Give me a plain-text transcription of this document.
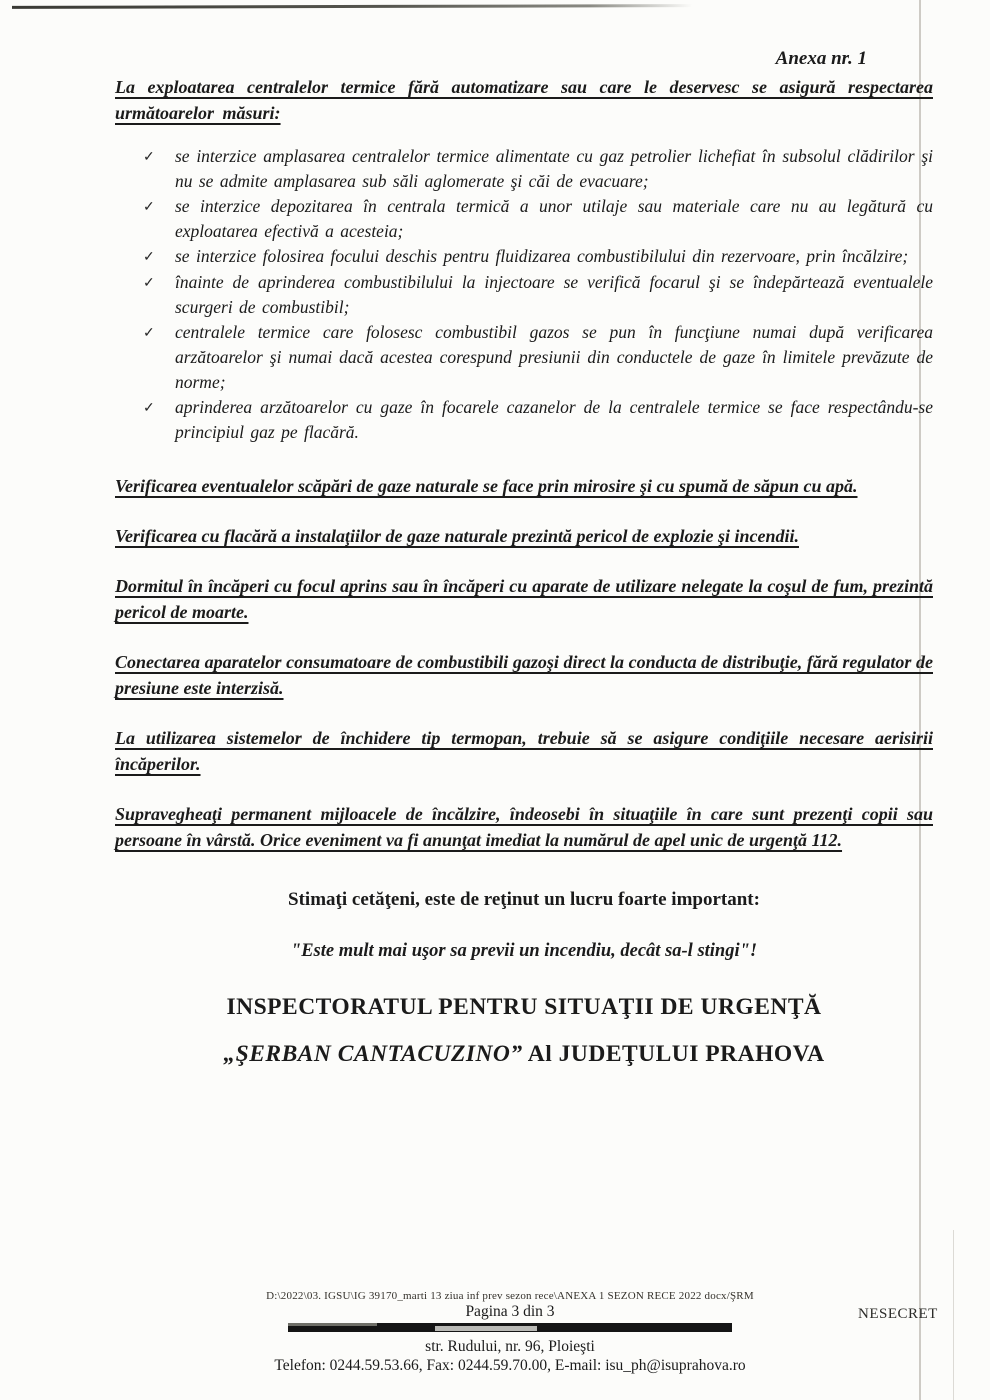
Anexa nr. 1

La exploatarea centralelor termice fără automatizare sau care le deservesc se asigură respectarea următoarelor măsuri:

✓	se interzice amplasarea centralelor termice alimentate cu gaz petrolier lichefiat în subsolul clădirilor şi nu se admite amplasarea sub săli aglomerate şi căi de evacuare;
✓	se interzice depozitarea în centrala termică a unor utilaje sau materiale care nu au legătură cu exploatarea efectivă a acesteia;
✓	se interzice folosirea focului deschis pentru fluidizarea combustibilului din rezervoare, prin încălzire;
✓	înainte de aprinderea combustibilului la injectoare se verifică focarul şi se îndepărtează eventualele scurgeri de combustibil;
✓	centralele termice care folosesc combustibil gazos se pun în funcţiune numai după verificarea arzătoarelor şi numai dacă acestea corespund presiunii din conductele de gaze în limitele prevăzute de norme;
✓	aprinderea arzătoarelor cu gaze în focarele cazanelor de la centralele termice se face respectându-se principiul gaz pe flacără.

Verificarea eventualelor scăpări de gaze naturale se face prin mirosire şi cu spumă de săpun cu apă.

Verificarea cu flacără a instalaţiilor de gaze naturale prezintă pericol de explozie şi incendii.

Dormitul în încăperi cu focul aprins sau în încăperi cu aparate de utilizare nelegate la coşul de fum, prezintă pericol de moarte.

Conectarea aparatelor consumatoare de combustibili gazoşi direct la conducta de distribuţie, fără regulator de presiune este interzisă.

La utilizarea sistemelor de închidere tip termopan, trebuie să se asigure condiţiile necesare aerisirii încăperilor.

Supravegheaţi permanent mijloacele de încălzire, îndeosebi în situaţiile în care sunt prezenţi copii sau persoane în vârstă. Orice eveniment va fi anunţat imediat la numărul de apel unic de urgenţă 112.

Stimaţi cetăţeni, este de reţinut un lucru foarte important:

"Este mult mai uşor sa previi un incendiu, decât sa-l stingi"!

INSPECTORATUL PENTRU SITUAŢII DE URGENŢĂ

„ŞERBAN CANTACUZINO” Al JUDEŢULUI PRAHOVA

D:\2022\03. IGSU\IG 39170_marti 13 ziua inf prev sezon rece\ANEXA 1 SEZON RECE 2022 docx/ŞRM

Pagina 3 din 3

str. Rudului, nr. 96, Ploieşti

Telefon: 0244.59.53.66, Fax: 0244.59.70.00, E-mail: isu_ph@isuprahova.ro

NESECRET
